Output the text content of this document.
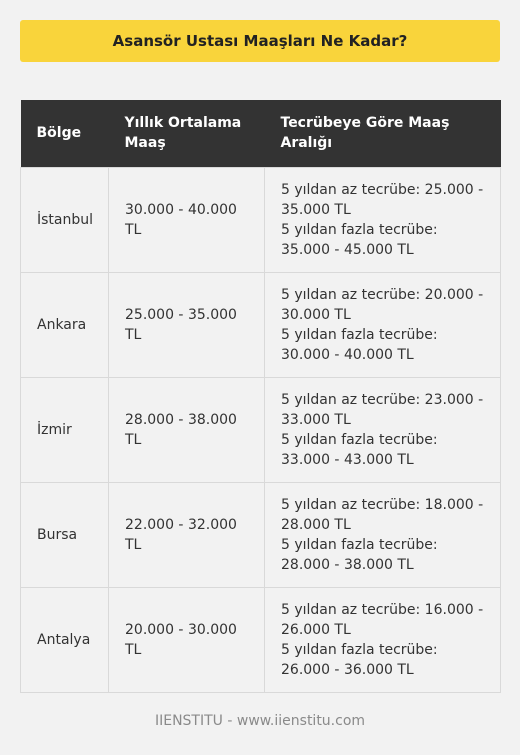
Asansör Ustası Maaşları Ne Kadar?
Bölge	Yıllık Ortalama Maaş	Tecrübeye Göre Maaş Aralığı
İstanbul	30.000 - 40.000 TL	5 yıldan az tecrübe: 25.000 - 35.000 TL
5 yıldan fazla tecrübe: 35.000 - 45.000 TL

Ankara	25.000 - 35.000 TL	5 yıldan az tecrübe: 20.000 - 30.000 TL
5 yıldan fazla tecrübe: 30.000 - 40.000 TL

İzmir	28.000 - 38.000 TL	5 yıldan az tecrübe: 23.000 - 33.000 TL
5 yıldan fazla tecrübe: 33.000 - 43.000 TL

Bursa	22.000 - 32.000 TL	5 yıldan az tecrübe: 18.000 - 28.000 TL
5 yıldan fazla tecrübe: 28.000 - 38.000 TL

Antalya	20.000 - 30.000 TL	5 yıldan az tecrübe: 16.000 - 26.000 TL
5 yıldan fazla tecrübe: 26.000 - 36.000 TL
IIENSTITU - www.iienstitu.com
